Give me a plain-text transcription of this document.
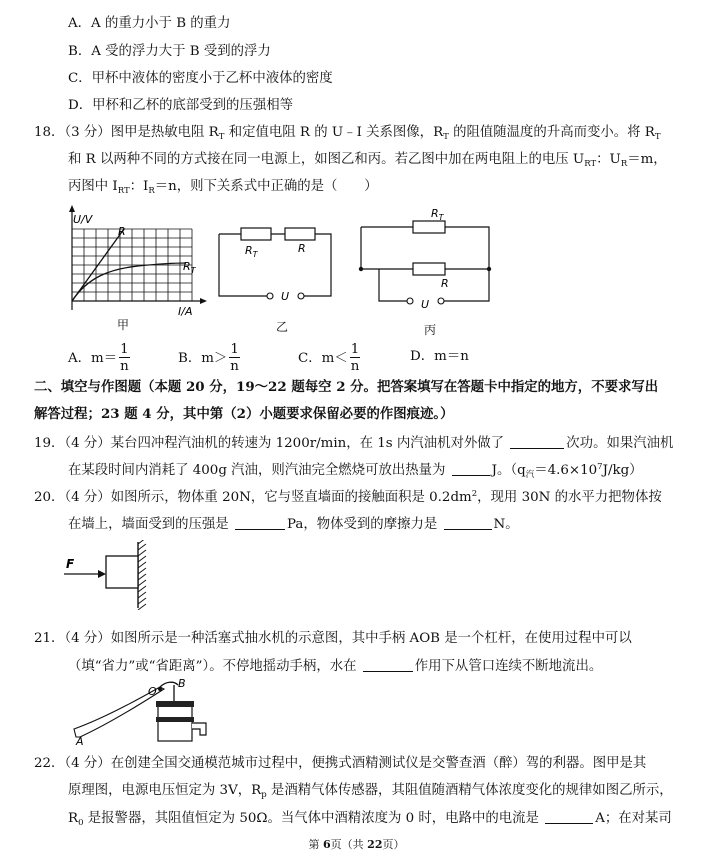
A．A 的重力小于 B 的重力
B．A 受的浮力大于 B 受到的浮力
C．甲杯中液体的密度小于乙杯中液体的密度
D．甲杯和乙杯的底部受到的压强相等
18．（3 分）图甲是热敏电阻 $R_T$ 和定值电阻 R 的 U﹣I 关系图像，$R_T$ 的阻值随温度的升高而变小。将 $R_T$
和 R 以两种不同的方式接在同一电源上，如图乙和丙。若乙图中加在两电阻上的电压 $U_{RT}$：$U_R=m$，
丙图中 $I_{RT}$：$I_R=n$，则下关系式中正确的是（　　）
U/V
R
$R_T$
I/A
甲
$R_T$	R
U
乙
$R_T$
R
U
丙
A．$m= \frac{1}{n}$	B．$m> \frac{1}{n}$	C．$m< \frac{1}{n}$	D．m＝n
二、填空与作图题（本题 20 分，19～22 题每空 2 分。把答案填写在答题卡中指定的地方，不要求写出
解答过程；23 题 4 分，其中第（2）小题要求保留必要的作图痕迹。）
19．（4 分）某台四冲程汽油机的转速为 1200r/min，在 1s 内汽油机对外做了	次功。如果汽油机
在某段时间内消耗了 400g 汽油，则汽油完全燃烧可放出热量为	J。$(q_汽=4.6\times 10^7J/kg)$
20．（4 分）如图所示，物体重 20N，它与竖直墙面的接触面积是 $0.2dm^2$，现用 30N 的水平力把物体按
在墙上，墙面受到的压强是	Pa，物体受到的摩擦力是	N。
F
21．（4 分）如图所示是一种活塞式抽水机的示意图，其中手柄 AOB 是一个杠杆，在使用过程中可以
（填“省力”或“省距离”）。不停地摇动手柄，水在	作用下从管口连续不断地流出。
O
B
A
22．（4 分）在创建全国交通模范城市过程中，便携式酒精测试仪是交警查酒（醉）驾的利器。图甲是其
原理图，电源电压恒定为 3V，$R_p$ 是酒精气体传感器，其阻值随酒精气体浓度变化的规律如图乙所示，
$R_0$ 是报警器，其阻值恒定为 50Ω。当气体中酒精浓度为 0 时，电路中的电流是	A；在对某司
第 6页（共 22页）
